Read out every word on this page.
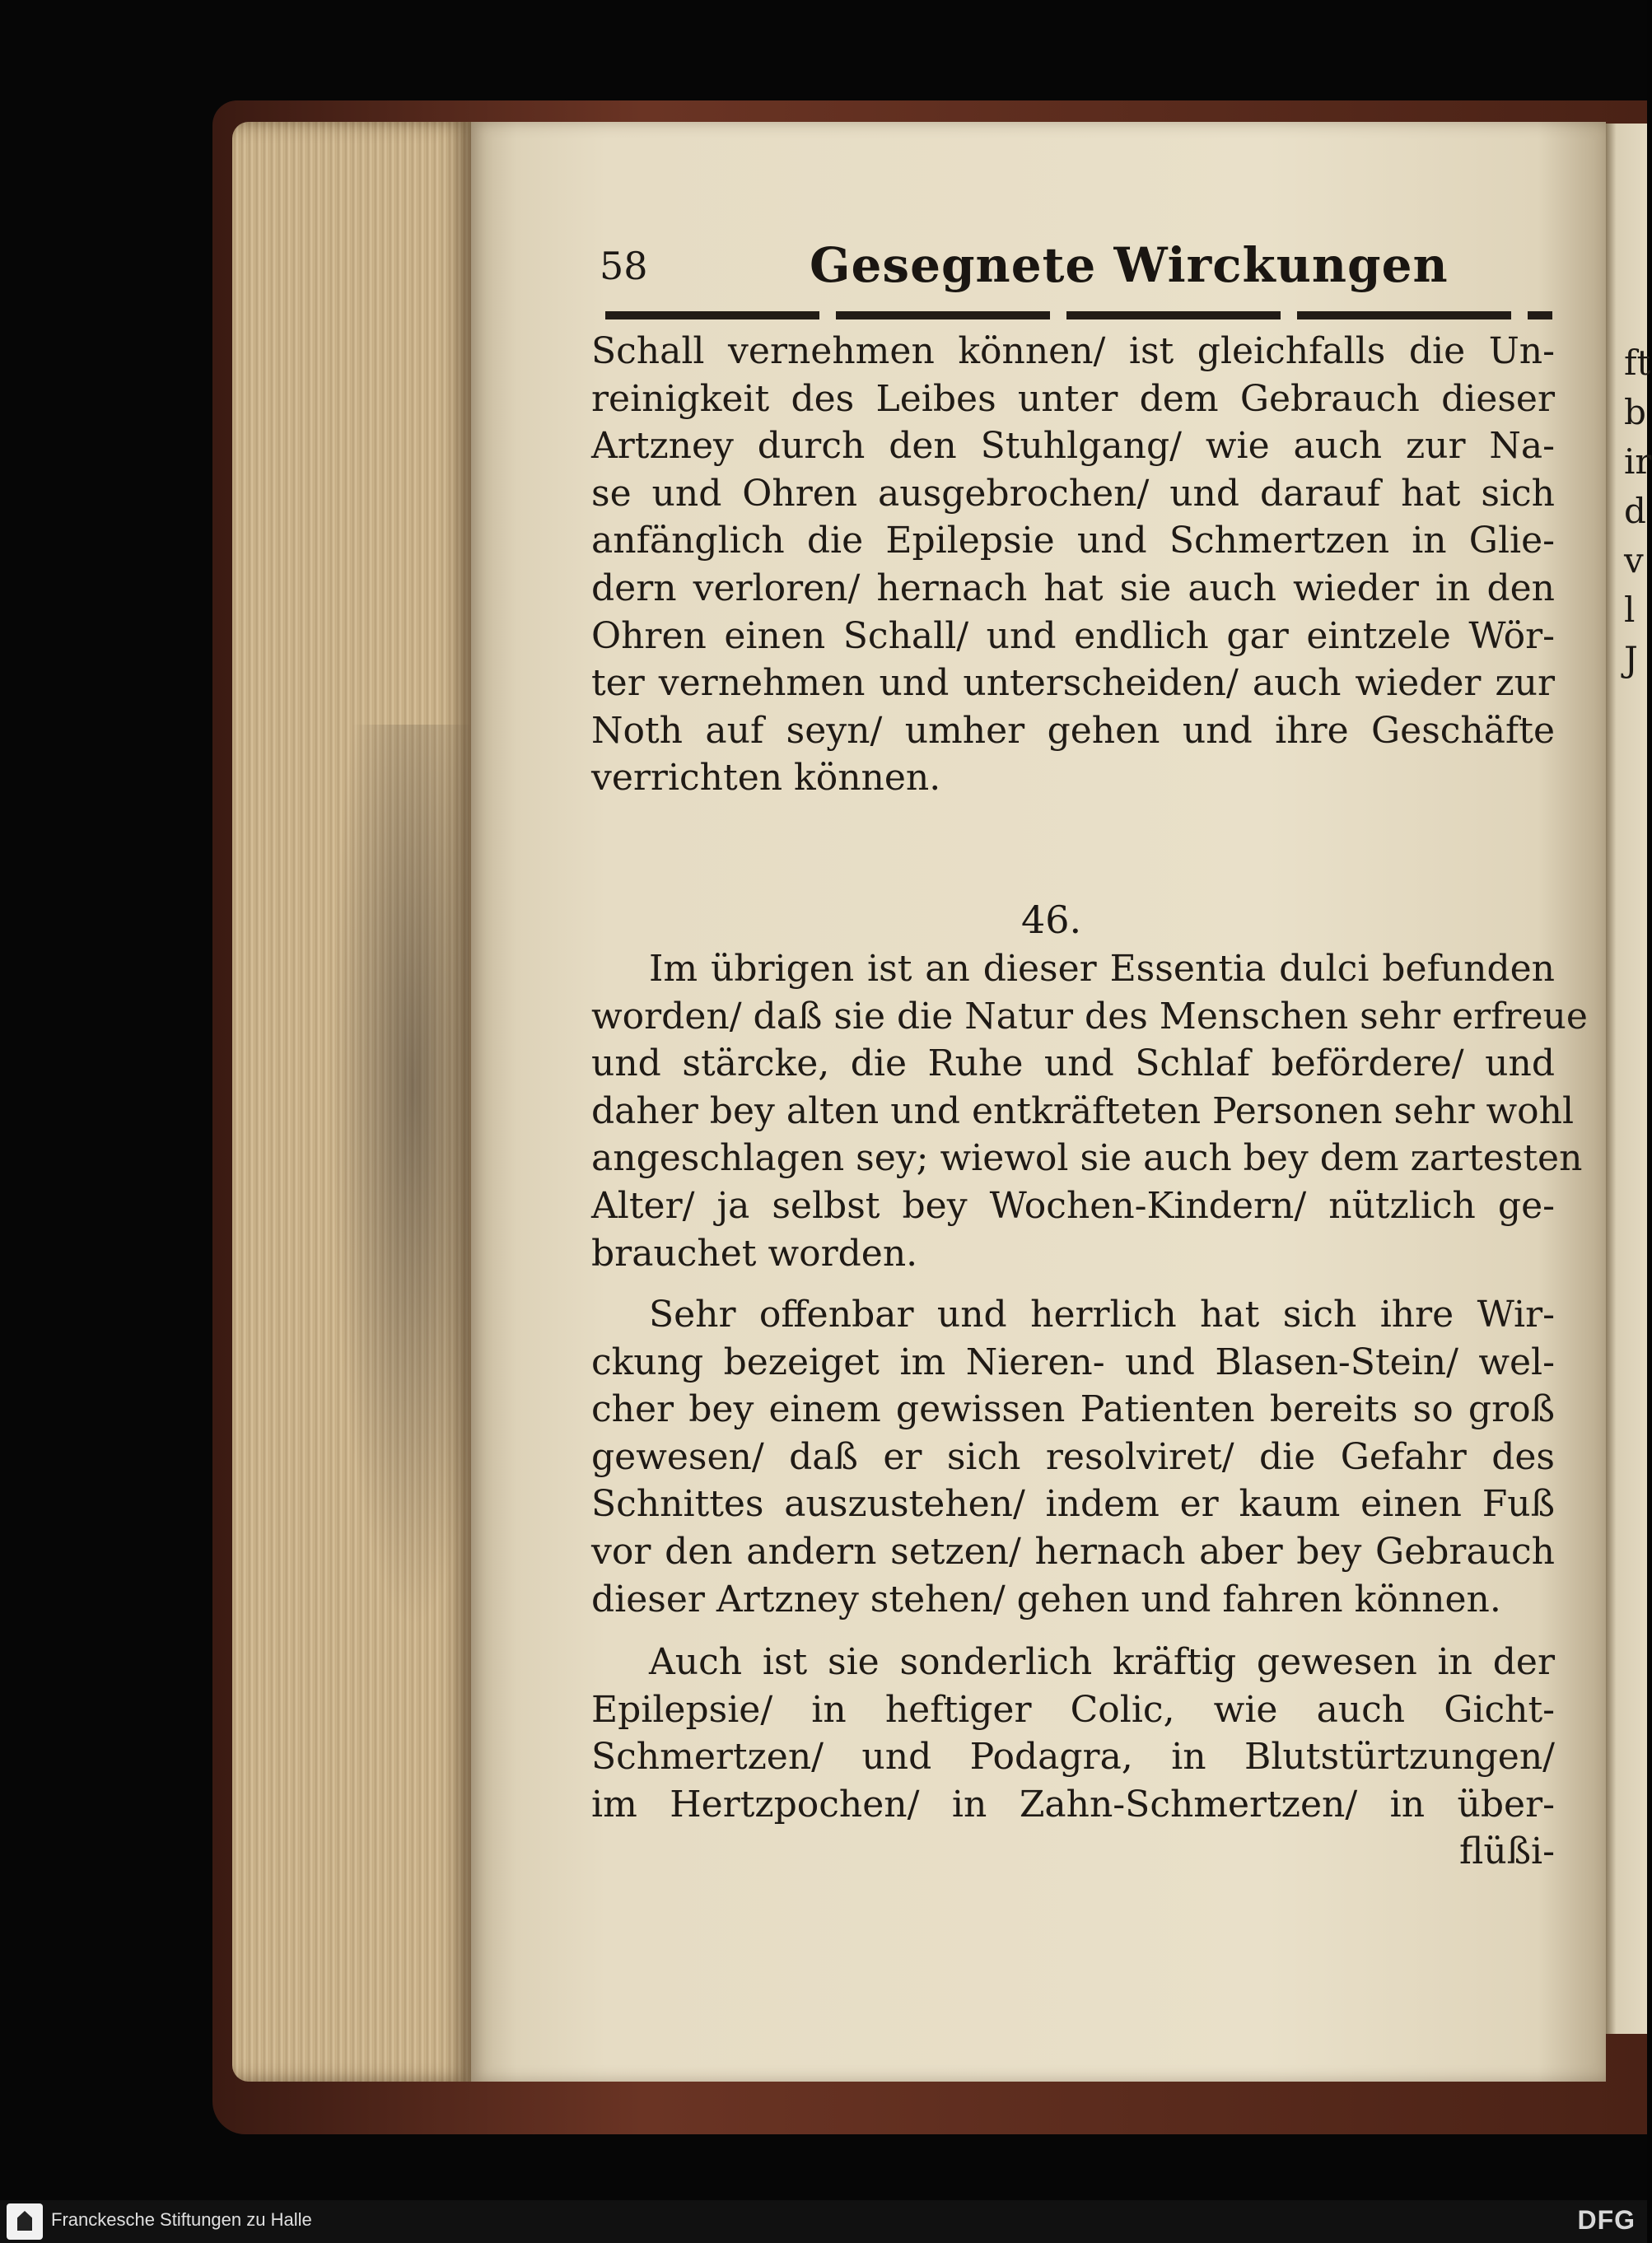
ft
b
ir
d
v
l
J
58	Gesegnete Wirckungen
Schall vernehmen können/ ist gleichfalls die Un-
reinigkeit des Leibes unter dem Gebrauch dieser
Artzney durch den Stuhlgang/ wie auch zur Na-
se und Ohren ausgebrochen/ und darauf hat sich
anfänglich die Epilepsie und Schmertzen in Glie-
dern verloren/ hernach hat sie auch wieder in den
Ohren einen Schall/ und endlich gar eintzele Wör-
ter vernehmen und unterscheiden/ auch wieder zur
Noth auf seyn/ umher gehen und ihre Geschäfte
verrichten können.
46.
Im übrigen ist an dieser Essentia dulci befunden
worden/ daß sie die Natur des Menschen sehr erfreue
und stärcke, die Ruhe und Schlaf befördere/ und
daher bey alten und entkräfteten Personen sehr wohl
angeschlagen sey; wiewol sie auch bey dem zartesten
Alter/ ja selbst bey Wochen-Kindern/ nützlich ge-
brauchet worden.
Sehr offenbar und herrlich hat sich ihre Wir-
ckung bezeiget im Nieren- und Blasen-Stein/ wel-
cher bey einem gewissen Patienten bereits so groß
gewesen/ daß er sich resolviret/ die Gefahr des
Schnittes auszustehen/ indem er kaum einen Fuß
vor den andern setzen/ hernach aber bey Gebrauch
dieser Artzney stehen/ gehen und fahren können.
Auch ist sie sonderlich kräftig gewesen in der
Epilepsie/ in heftiger Colic, wie auch Gicht-
Schmertzen/ und Podagra, in Blutstürtzungen/
im Hertzpochen/ in Zahn-Schmertzen/ in über-
flüßi-
Franckesche Stiftungen zu Halle	DFG
